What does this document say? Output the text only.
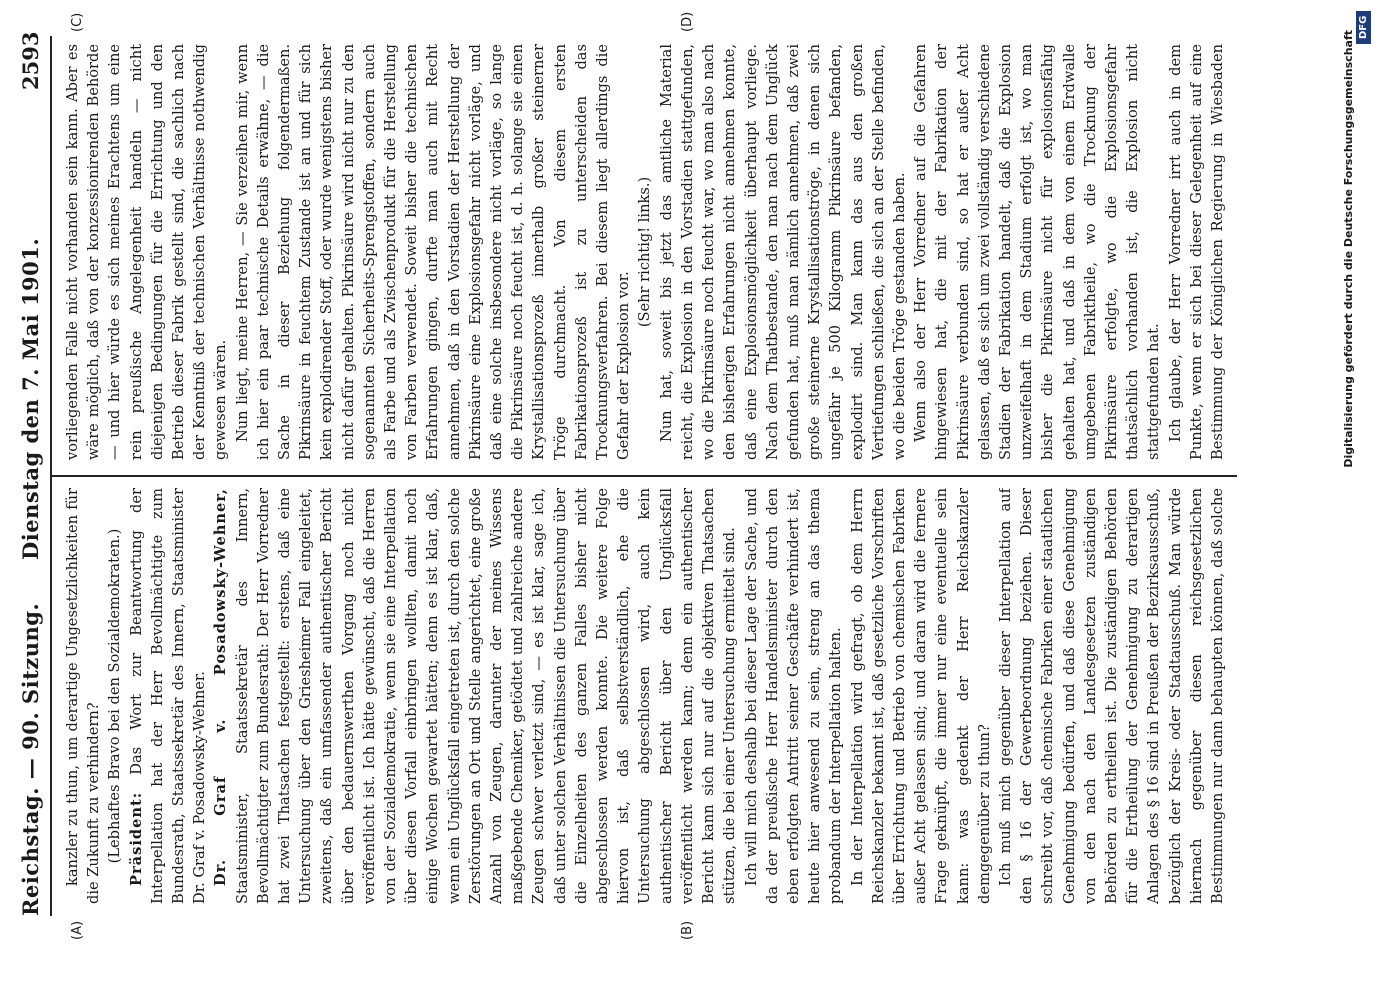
Reichstag. — 90. Sitzung.
Dienstag den 7. Mai 1901.
2593
(A)	(B)
(C)	(D)

kanzler zu thun, um derartige Ungesetzlichkeiten für die Zukunft zu verhindern? (Lebhaftes Bravo bei den Sozialdemokraten.) Präsident: Das Wort zur Beantwortung der Interpellation hat der Herr Bevollmächtigte zum Bundesrath, Staatssekretär des Innern, Staatsminister Dr. Graf v. Posadowsky-Wehner. Dr. Graf v. Posadowsky-Wehner, Staatsminister, Staatssekretär des Innern, Bevollmächtigter zum Bundesrath: Der Herr Vorredner hat zwei Thatsachen festgestellt: erstens, daß eine Untersuchung über den Griesheimer Fall eingeleitet, zweitens, daß ein umfassender authentischer Bericht über den bedauernswerthen Vorgang noch nicht veröffentlicht ist. Ich hätte gewünscht, daß die Herren von der Sozialdemokratie, wenn sie eine Interpellation über diesen Vorfall einbringen wollten, damit noch einige Wochen gewartet hätten; denn es ist klar, daß, wenn ein Unglücksfall eingetreten ist, durch den solche Zerstörungen an Ort und Stelle angerichtet, eine große Anzahl von Zeugen, darunter der meines Wissens maßgebende Chemiker, getödtet und zahlreiche andere Zeugen schwer verletzt sind, — es ist klar, sage ich, daß unter solchen Verhältnissen die Untersuchung über die Einzelheiten des ganzen Falles bisher nicht abgeschlossen werden konnte. Die weitere Folge hiervon ist, daß selbstverständlich, ehe die Untersuchung abgeschlossen wird, auch kein authentischer Bericht über den Unglücksfall veröffentlicht werden kann; denn ein authentischer Bericht kann sich nur auf die objektiven Thatsachen stützen, die bei einer Untersuchung ermittelt sind. Ich will mich deshalb bei dieser Lage der Sache, und da der preußische Herr Handelsminister durch den eben erfolgten Antritt seiner Geschäfte verhindert ist, heute hier anwesend zu sein, streng an das thema probandum der Interpellation halten. In der Interpellation wird gefragt, ob dem Herrn Reichskanzler bekannt ist, daß gesetzliche Vorschriften über Errichtung und Betrieb von chemischen Fabriken außer Acht gelassen sind; und daran wird die fernere Frage geknüpft, die immer nur eine eventuelle sein kann: was gedenkt der Herr Reichskanzler demgegenüber zu thun? Ich muß mich gegenüber dieser Interpellation auf den § 16 der Gewerbeordnung beziehen. Dieser schreibt vor, daß chemische Fabriken einer staatlichen Genehmigung bedürfen, und daß diese Genehmigung von den nach den Landesgesetzen zuständigen Behörden zu ertheilen ist. Die zuständigen Behörden für die Ertheilung der Genehmigung zu derartigen Anlagen des § 16 sind in Preußen der Bezirksausschuß, bezüglich der Kreis- oder Stadtausschuß. Man würde hiernach gegenüber diesen reichsgesetzlichen Bestimmungen nur dann behaupten können, daß solche

vorliegenden Falle nicht vorhanden sein kann. Aber es wäre möglich, daß von der konzessionirenden Behörde — und hier würde es sich meines Erachtens um eine rein preußische Angelegenheit handeln — nicht diejenigen Bedingungen für die Errichtung und den Betrieb dieser Fabrik gestellt sind, die sachlich nach der Kenntniß der technischen Verhältnisse nothwendig gewesen wären. Nun liegt, meine Herren, — Sie verzeihen mir, wenn ich hier ein paar technische Details erwähne, — die Sache in dieser Beziehung folgendermaßen. Pikrinsäure in feuchtem Zustande ist an und für sich kein explodirender Stoff, oder wurde wenigstens bisher nicht dafür gehalten. Pikrinsäure wird nicht nur zu den sogenannten Sicherheits-Sprengstoffen, sondern auch als Farbe und als Zwischenprodukt für die Herstellung von Farben verwendet. Soweit bisher die technischen Erfahrungen gingen, durfte man auch mit Recht annehmen, daß in den Vorstadien der Herstellung der Pikrinsäure eine Explosionsgefahr nicht vorläge, und daß eine solche insbesondere nicht vorläge, so lange die Pikrinsäure noch feucht ist, d. h. solange sie einen Krystallisationsprozeß innerhalb großer steinerner Tröge durchmacht. Von diesem ersten Fabrikationsprozeß ist zu unterscheiden das Trocknungsverfahren. Bei diesem liegt allerdings die Gefahr der Explosion vor.

(Sehr richtig! links.) Nun hat, soweit bis jetzt das amtliche Material reicht, die Explosion in den Vorstadien stattgefunden, wo die Pikrinsäure noch feucht war, wo man also nach den bisherigen Erfahrungen nicht annehmen konnte, daß eine Explosionsmöglichkeit überhaupt vorliege. Nach dem Thatbestande, den man nach dem Unglück gefunden hat, muß man nämlich annehmen, daß zwei große steinerne Krystallisationströge, in denen sich ungefähr je 500 Kilogramm Pikrinsäure befanden, explodirt sind. Man kann das aus den großen Vertiefungen schließen, die sich an der Stelle befinden, wo die beiden Tröge gestanden haben. Wenn also der Herr Vorredner auf die Gefahren hingewiesen hat, die mit der Fabrikation der Pikrinsäure verbunden sind, so hat er außer Acht gelassen, daß es sich um zwei vollständig verschiedene Stadien der Fabrikation handelt, daß die Explosion unzweifelhaft in dem Stadium erfolgt ist, wo man bisher die Pikrinsäure nicht für explosionsfähig gehalten hat, und daß in dem von einem Erdwalle umgebenen Fabriktheile, wo die Trocknung der Pikrinsäure erfolgte, wo die Explosionsgefahr thatsächlich vorhanden ist, die Explosion nicht stattgefunden hat. Ich glaube, der Herr Vorredner irrt auch in dem Punkte, wenn er sich bei dieser Gelegenheit auf eine Bestimmung der Königlichen Regierung in Wiesbaden	Digitalisierung gefördert durch die Deutsche Forschungsgemeinschaft
DFG
